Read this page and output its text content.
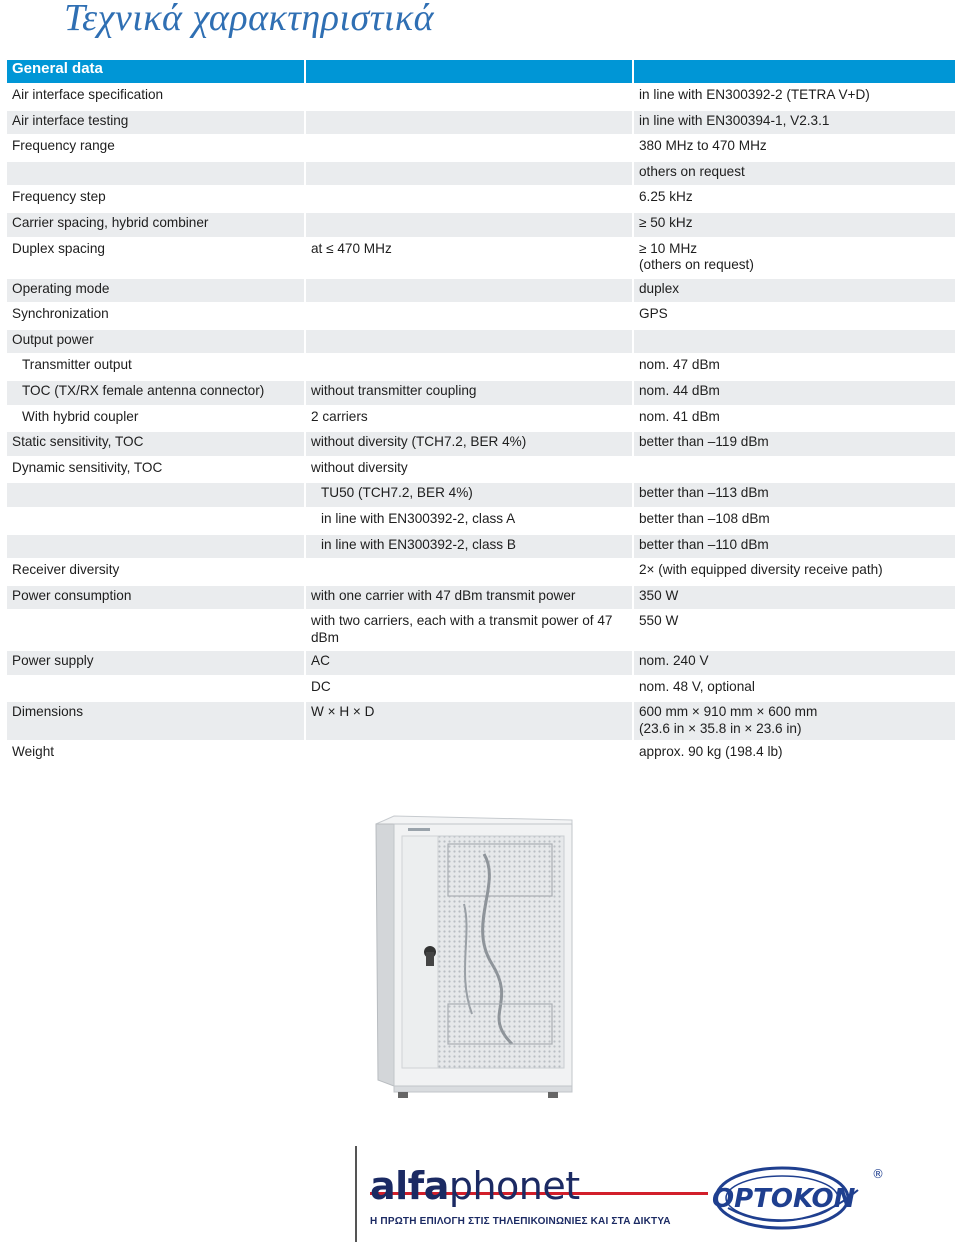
Τεχνικά χαρακτηριστικά
General data		
Air interface specification		in line with EN300392-2 (TETRA V+D)
Air interface testing		in line with EN300394-1, V2.3.1
Frequency range		380 MHz to 470 MHz
		others on request
Frequency step		6.25 kHz
Carrier spacing, hybrid combiner		≥ 50 kHz
Duplex spacing	at ≤ 470 MHz	≥ 10 MHz
(others on request)
Operating mode		duplex
Synchronization		GPS
Output power		
Transmitter output		nom. 47 dBm
TOC (TX/RX female antenna connector)	without transmitter coupling	nom. 44 dBm
With hybrid coupler	2 carriers	nom. 41 dBm
Static sensitivity, TOC	without diversity (TCH7.2, BER 4%)	better than –119 dBm
Dynamic sensitivity, TOC	without diversity	
	TU50 (TCH7.2, BER 4%)	better than –113 dBm
	in line with EN300392-2, class A	better than –108 dBm
	in line with EN300392-2, class B	better than –110 dBm
Receiver diversity		2× (with equipped diversity receive path)
Power consumption	with one carrier with 47 dBm transmit power	350 W
	with two carriers, each with a transmit power of 47 dBm	550 W
Power supply	AC	nom. 240 V
	DC	nom. 48 V, optional
Dimensions	W × H × D	600 mm × 910 mm × 600 mm
(23.6 in × 35.8 in × 23.6 in)
Weight		approx. 90 kg (198.4 lb)
alfaphonet
Η ΠΡΩΤΗ ΕΠΙΛΟΓΗ ΣΤΙΣ ΤΗΛΕΠΙΚΟΙΝΩΝΙΕΣ ΚΑΙ ΣΤΑ ΔΙΚΤΥΑ
OPTOKON
®
